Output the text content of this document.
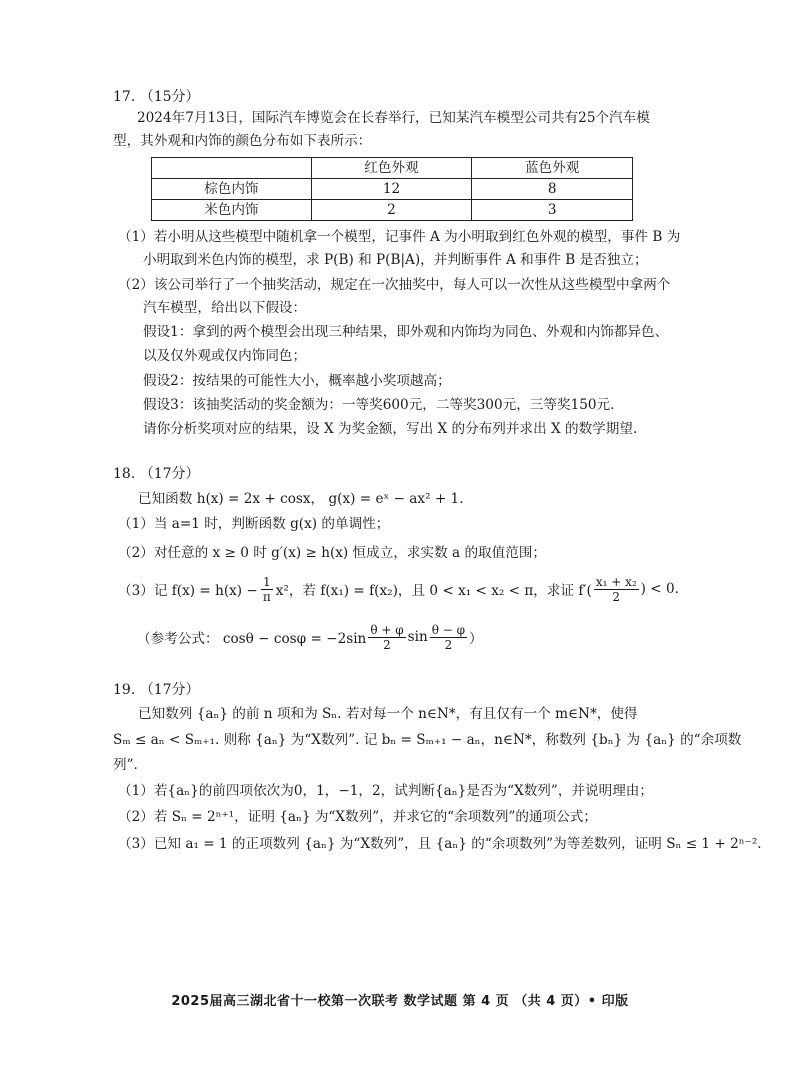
17. （15分）
2024年7月13日，国际汽车博览会在长春举行，已知某汽车模型公司共有25个汽车模
型，其外观和内饰的颜色分布如下表所示：
	红色外观	蓝色外观
棕色内饰	12	8
米色内饰	2	3
（1）若小明从这些模型中随机拿一个模型，记事件 A 为小明取到红色外观的模型，事件 B 为
小明取到米色内饰的模型，求 P(B) 和 P(B|A)，并判断事件 A 和事件 B 是否独立；
（2）该公司举行了一个抽奖活动，规定在一次抽奖中，每人可以一次性从这些模型中拿两个
汽车模型，给出以下假设：
假设1：拿到的两个模型会出现三种结果，即外观和内饰均为同色、外观和内饰都异色、
以及仅外观或仅内饰同色；
假设2：按结果的可能性大小，概率越小奖项越高；
假设3：该抽奖活动的奖金额为：一等奖600元，二等奖300元，三等奖150元.
请你分析奖项对应的结果，设 X 为奖金额，写出 X 的分布列并求出 X 的数学期望.
18. （17分）
已知函数 h(x) = 2x + cosx， g(x) = eˣ − ax² + 1.
（1）当 a=1 时，判断函数 g(x) 的单调性；
（2）对任意的 x ≥ 0 时 g′(x) ≥ h(x) 恒成立，求实数 a 的取值范围；
（3）记 $f(x) = h(x) - \frac{1}{\pi} x^2$，若 f(x₁) = f(x₂)，且 0 < x₁ < x₂ < π，求证 $f'( \frac{\text{x₁ + x₂}}{2}$ ) < 0.
（参考公式： $\cos\theta - \cos\varphi = -2\sin \frac{\theta + \varphi}{2}$ $\sin \frac{\theta - \varphi}{2}$ ）
19. （17分）
已知数列 {aₙ} 的前 n 项和为 Sₙ. 若对每一个 n∈N*，有且仅有一个 m∈N*，使得
Sₘ ≤ aₙ < Sₘ₊₁. 则称 {aₙ} 为“X数列”. 记 bₙ = Sₘ₊₁ − aₙ，n∈N*，称数列 {bₙ} 为 {aₙ} 的“余项数
列”.
（1）若{aₙ}的前四项依次为0，1，−1，2，试判断{aₙ}是否为“X数列”，并说明理由；
（2）若 Sₙ = 2ⁿ⁺¹，证明 {aₙ} 为“X数列”，并求它的“余项数列”的通项公式；
（3）已知 a₁ = 1 的正项数列 {aₙ} 为“X数列”，且 {aₙ} 的“余项数列”为等差数列，证明 Sₙ ≤ 1 + 2ⁿ⁻².
2025届高三湖北省十一校第一次联考 数学试题 第 4 页 （共 4 页）• 印版
